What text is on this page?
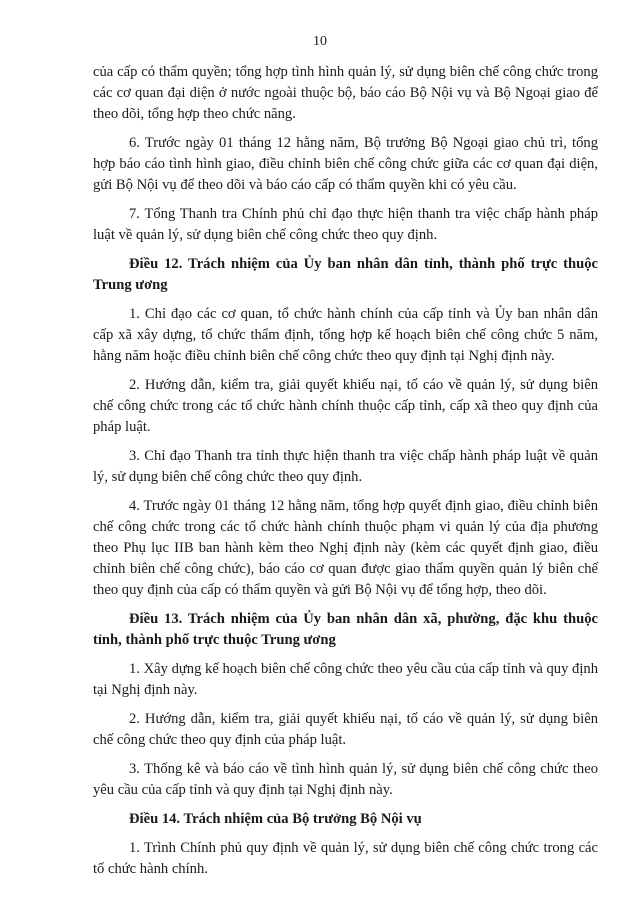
10

của cấp có thẩm quyền; tổng hợp tình hình quản lý, sử dụng biên chế công chức trong các cơ quan đại diện ở nước ngoài thuộc bộ, báo cáo Bộ Nội vụ và Bộ Ngoại giao để theo dõi, tổng hợp theo chức năng.

6. Trước ngày 01 tháng 12 hằng năm, Bộ trưởng Bộ Ngoại giao chủ trì, tổng hợp báo cáo tình hình giao, điều chỉnh biên chế công chức giữa các cơ quan đại diện, gửi Bộ Nội vụ để theo dõi và báo cáo cấp có thẩm quyền khi có yêu cầu.

7. Tổng Thanh tra Chính phủ chỉ đạo thực hiện thanh tra việc chấp hành pháp luật về quản lý, sử dụng biên chế công chức theo quy định.

Điều 12. Trách nhiệm của Ủy ban nhân dân tỉnh, thành phố trực thuộc Trung ương

1. Chỉ đạo các cơ quan, tổ chức hành chính của cấp tỉnh và Ủy ban nhân dân cấp xã xây dựng, tổ chức thẩm định, tổng hợp kế hoạch biên chế công chức 5 năm, hằng năm hoặc điều chỉnh biên chế công chức theo quy định tại Nghị định này.

2. Hướng dẫn, kiểm tra, giải quyết khiếu nại, tố cáo về quản lý, sử dụng biên chế công chức trong các tổ chức hành chính thuộc cấp tỉnh, cấp xã theo quy định của pháp luật.

3. Chỉ đạo Thanh tra tỉnh thực hiện thanh tra việc chấp hành pháp luật về quản lý, sử dụng biên chế công chức theo quy định.

4. Trước ngày 01 tháng 12 hằng năm, tổng hợp quyết định giao, điều chỉnh biên chế công chức trong các tổ chức hành chính thuộc phạm vi quản lý của địa phương theo Phụ lục IIB ban hành kèm theo Nghị định này (kèm các quyết định giao, điều chỉnh biên chế công chức), báo cáo cơ quan được giao thẩm quyền quản lý biên chế theo quy định của cấp có thẩm quyền và gửi Bộ Nội vụ để tổng hợp, theo dõi.

Điều 13. Trách nhiệm của Ủy ban nhân dân xã, phường, đặc khu thuộc tỉnh, thành phố trực thuộc Trung ương

1. Xây dựng kế hoạch biên chế công chức theo yêu cầu của cấp tỉnh và quy định tại Nghị định này.

2. Hướng dẫn, kiểm tra, giải quyết khiếu nại, tố cáo về quản lý, sử dụng biên chế công chức theo quy định của pháp luật.

3. Thống kê và báo cáo về tình hình quản lý, sử dụng biên chế công chức theo yêu cầu của cấp tỉnh và quy định tại Nghị định này.

Điều 14. Trách nhiệm của Bộ trưởng Bộ Nội vụ

1. Trình Chính phủ quy định về quản lý, sử dụng biên chế công chức trong các tổ chức hành chính.
